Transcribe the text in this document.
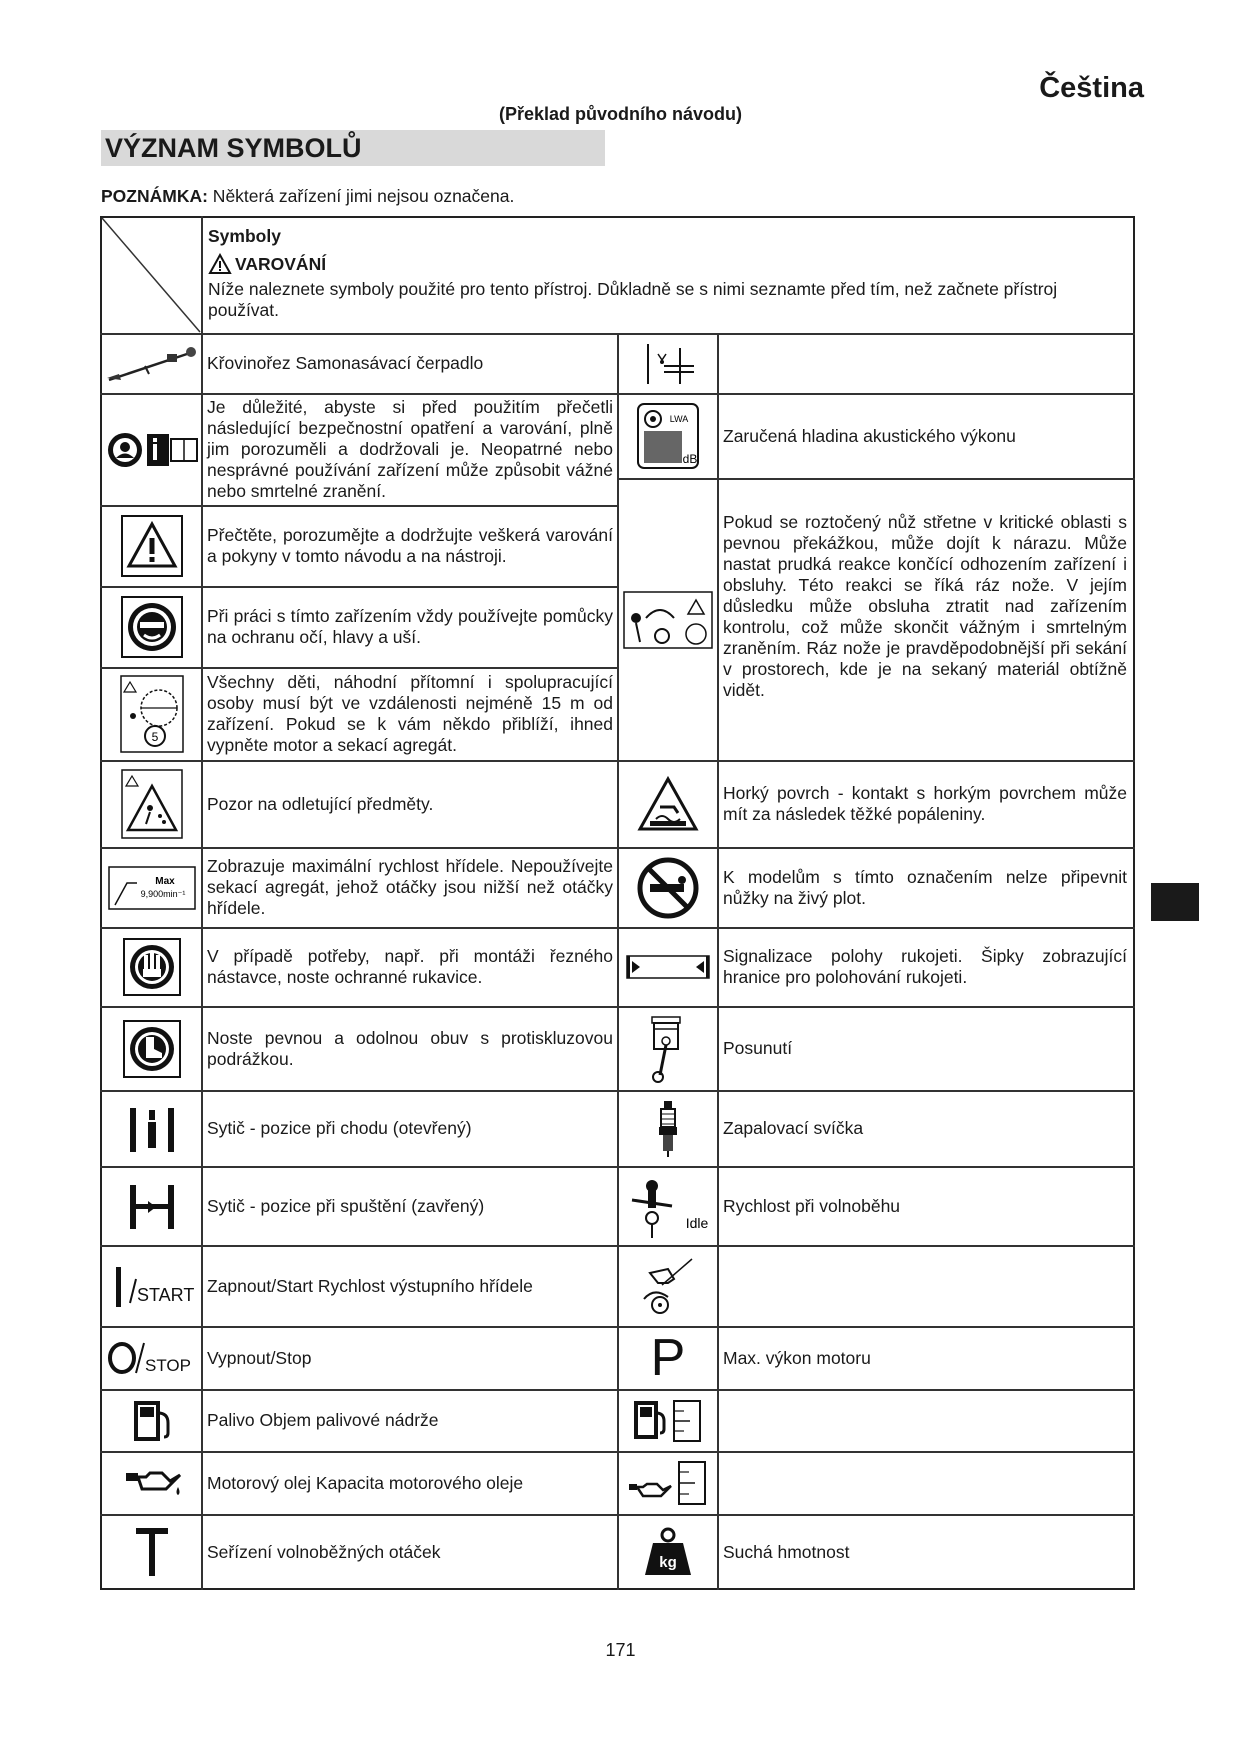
Čeština
(Překlad původního návodu)
VÝZNAM SYMBOLŮ
POZNÁMKA: Některá zařízení jimi nejsou označena.
Symboly
VAROVÁNÍ
Níže naleznete symboly použité pro tento přístroj. Důkladně se s nimi seznamte před tím, než začnete přístroj používat.
Křovinořez Samonasávací čerpadlo
Je důležité, abyste si před použitím přečetli následující bezpečnostní opatření a varování, plně jim porozuměli a dodržovali je. Neopatrné nebo nesprávné používání zařízení může způsobit vážné nebo smrtelné zranění.
Přečtěte, porozumějte a dodržujte veškerá varování a pokyny v tomto návodu a na nástroji.
Při práci s tímto zařízením vždy používejte pomůcky na ochranu očí, hlavy a uší.
Všechny děti, náhodní přítomní i spolupracující osoby musí být ve vzdálenosti nejméně 15 m od zařízení. Pokud se k vám někdo přiblíží, ihned vypněte motor a sekací agregát.
Pozor na odletující předměty.
Zobrazuje maximální rychlost hřídele. Nepoužívejte sekací agregát, jehož otáčky jsou nižší než otáčky hřídele.
V případě potřeby, např. při montáži řezného nástavce, noste ochranné rukavice.
Noste pevnou a odolnou obuv s protiskluzovou podrážkou.
Sytič - pozice při chodu (otevřený)
Sytič - pozice při spuštění (zavřený)
Zapnout/Start Rychlost výstupního hřídele
Vypnout/Stop
Palivo Objem palivové nádrže
Motorový olej Kapacita motorového oleje
Seřízení volnoběžných otáček
Zaručená hladina akustického výkonu
Pokud se roztočený nůž střetne v kritické oblasti s pevnou překážkou, může dojít k nárazu. Může nastat prudká reakce končící odhozením zařízení i obsluhy. Této reakci se říká ráz nože. V jejím důsledku může obsluha ztratit nad zařízením kontrolu, což může skončit vážným i smrtelným zraněním. Ráz nože je pravděpodobnější při sekání v prostorech, kde je na sekaný materiál obtížně vidět.
Horký povrch - kontakt s horkým povrchem může mít za následek těžké popáleniny.
K modelům s tímto označením nelze připevnit nůžky na živý plot.
Signalizace polohy rukojeti. Šipky zobrazující hranice pro polohování rukojeti.
Posunutí
Zapalovací svíčka
Rychlost při volnoběhu
Max. výkon motoru
Suchá hmotnost
5
Max
9,900min⁻¹
START
STOP
LWA
dB
Idle
P
kg
171
